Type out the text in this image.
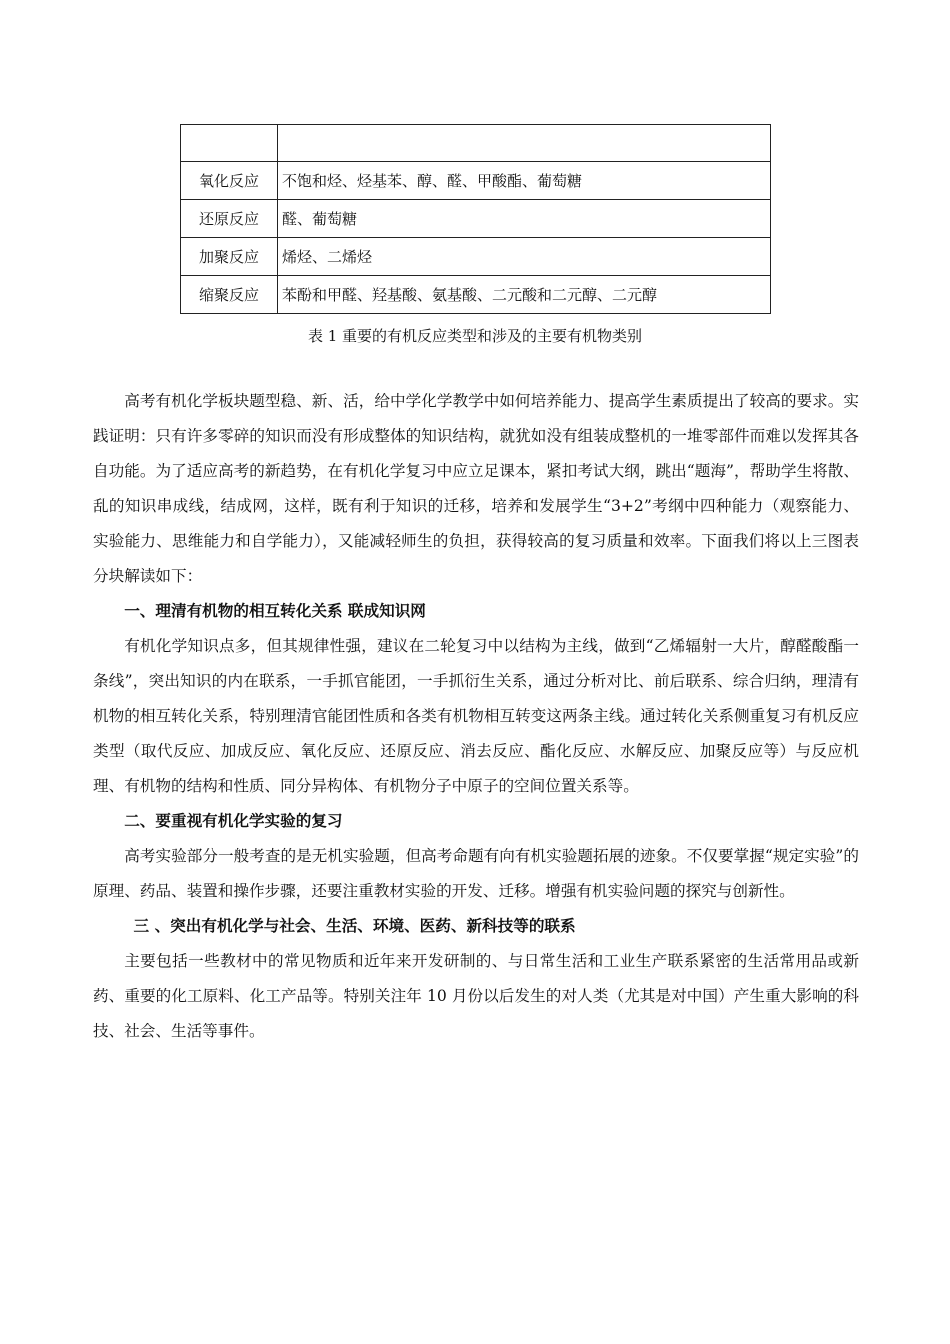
氧化反应	不饱和烃、烃基苯、醇、醛、甲酸酯、葡萄糖
还原反应	醛、葡萄糖
加聚反应	烯烃、二烯烃
缩聚反应	苯酚和甲醛、羟基酸、氨基酸、二元酸和二元醇、二元醇
表 1 重要的有机反应类型和涉及的主要有机物类别

高考有机化学板块题型稳、新、活，给中学化学教学中如何培养能力、提高学生素质提出了较高的要求。实践证明：只有许多零碎的知识而没有形成整体的知识结构，就犹如没有组装成整机的一堆零部件而难以发挥其各自功能。为了适应高考的新趋势，在有机化学复习中应立足课本，紧扣考试大纲，跳出“题海”，帮助学生将散、乱的知识串成线，结成网，这样，既有利于知识的迁移，培养和发展学生“3+2”考纲中四种能力（观察能力、实验能力、思维能力和自学能力），又能减轻师生的负担，获得较高的复习质量和效率。下面我们将以上三图表分块解读如下：

一、理清有机物的相互转化关系 联成知识网

有机化学知识点多，但其规律性强，建议在二轮复习中以结构为主线，做到“乙烯辐射一大片，醇醛酸酯一条线”，突出知识的内在联系，一手抓官能团，一手抓衍生关系，通过分析对比、前后联系、综合归纳，理清有机物的相互转化关系，特别理清官能团性质和各类有机物相互转变这两条主线。通过转化关系侧重复习有机反应类型（取代反应、加成反应、氧化反应、还原反应、消去反应、酯化反应、水解反应、加聚反应等）与反应机理、有机物的结构和性质、同分异构体、有机物分子中原子的空间位置关系等。

二、要重视有机化学实验的复习

高考实验部分一般考查的是无机实验题，但高考命题有向有机实验题拓展的迹象。不仅要掌握“规定实验”的原理、药品、装置和操作步骤，还要注重教材实验的开发、迁移。增强有机实验问题的探究与创新性。

三 、突出有机化学与社会、生活、环境、医药、新科技等的联系

主要包括一些教材中的常见物质和近年来开发研制的、与日常生活和工业生产联系紧密的生活常用品或新药、重要的化工原料、化工产品等。特别关注年 10 月份以后发生的对人类（尤其是对中国）产生重大影响的科技、社会、生活等事件。
